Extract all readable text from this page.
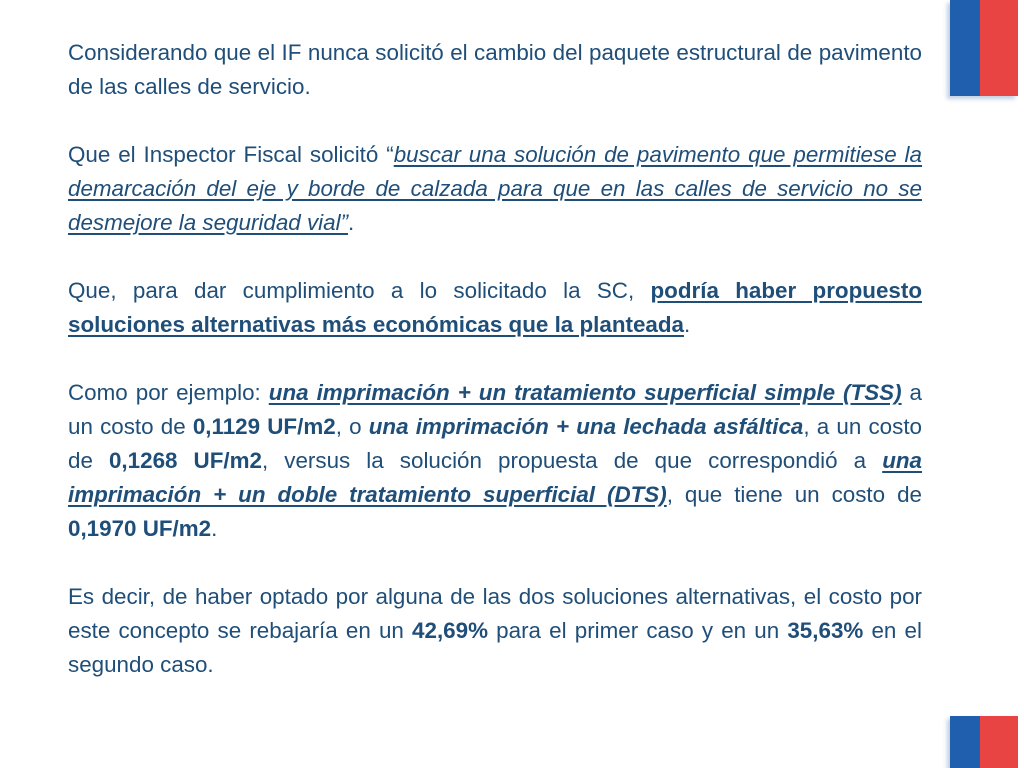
Considerando que el IF nunca solicitó el cambio del paquete estructural de pavimento de las calles de servicio.

Que el Inspector Fiscal solicitó “buscar una solución de pavimento que permitiese la demarcación del eje y borde de calzada para que en las calles de servicio no se desmejore la seguridad vial”.

Que, para dar cumplimiento a lo solicitado la SC, podría haber propuesto soluciones alternativas más económicas que la planteada.

Como por ejemplo: una imprimación + un tratamiento superficial simple (TSS) a un costo de 0,1129 UF/m2, o una imprimación + una lechada asfáltica, a un costo de 0,1268 UF/m2, versus la solución propuesta de que correspondió a una imprimación + un doble tratamiento superficial (DTS), que tiene un costo de 0,1970 UF/m2.

Es decir, de haber optado por alguna de las dos soluciones alternativas, el costo por este concepto se rebajaría en un 42,69% para el primer caso y en un 35,63% en el segundo caso.
